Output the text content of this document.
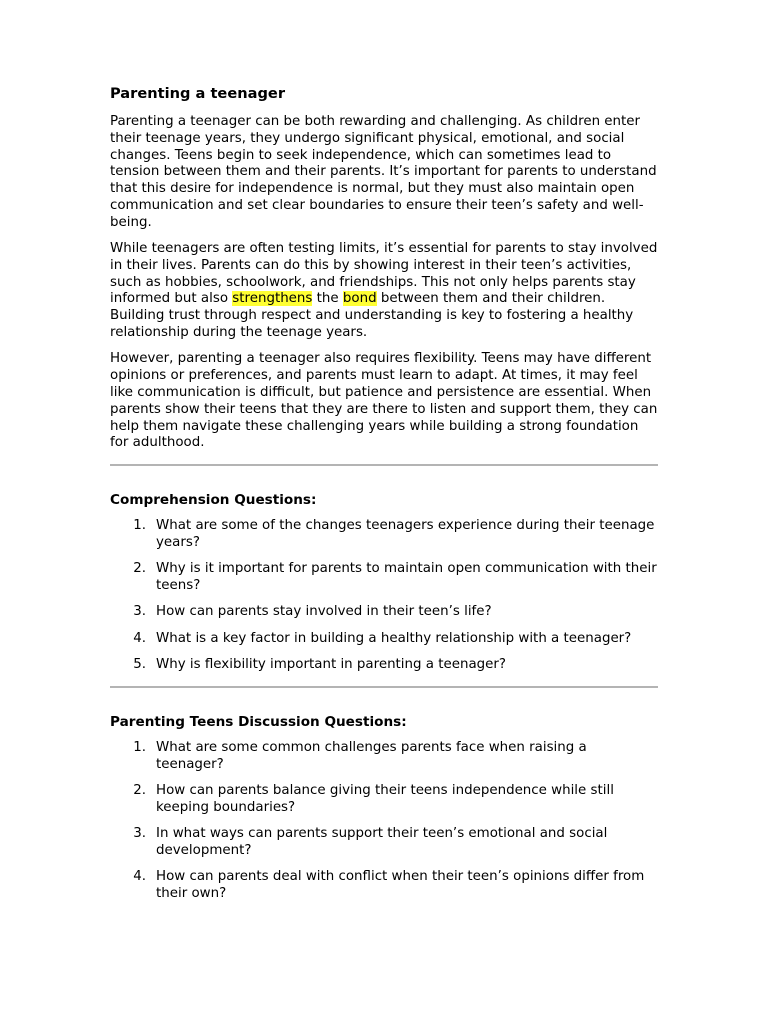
Parenting a teenager

Parenting a teenager can be both rewarding and challenging. As children enter their teenage years, they undergo significant physical, emotional, and social changes. Teens begin to seek independence, which can sometimes lead to tension between them and their parents. It’s important for parents to understand that this desire for independence is normal, but they must also maintain open communication and set clear boundaries to ensure their teen’s safety and well-being.

While teenagers are often testing limits, it’s essential for parents to stay involved in their lives. Parents can do this by showing interest in their teen’s activities, such as hobbies, schoolwork, and friendships. This not only helps parents stay informed but also strengthens the bond between them and their children. Building trust through respect and understanding is key to fostering a healthy relationship during the teenage years.

However, parenting a teenager also requires flexibility. Teens may have different opinions or preferences, and parents must learn to adapt. At times, it may feel like communication is difficult, but patience and persistence are essential. When parents show their teens that they are there to listen and support them, they can help them navigate these challenging years while building a strong foundation for adulthood.

Comprehension Questions:
1. What are some of the changes teenagers experience during their teenage years?
2. Why is it important for parents to maintain open communication with their teens?
3. How can parents stay involved in their teen’s life?
4. What is a key factor in building a healthy relationship with a teenager?
5. Why is flexibility important in parenting a teenager?
Parenting Teens Discussion Questions:
1. What are some common challenges parents face when raising a teenager?
2. How can parents balance giving their teens independence while still keeping boundaries?
3. In what ways can parents support their teen’s emotional and social development?
4. How can parents deal with conflict when their teen’s opinions differ from their own?
